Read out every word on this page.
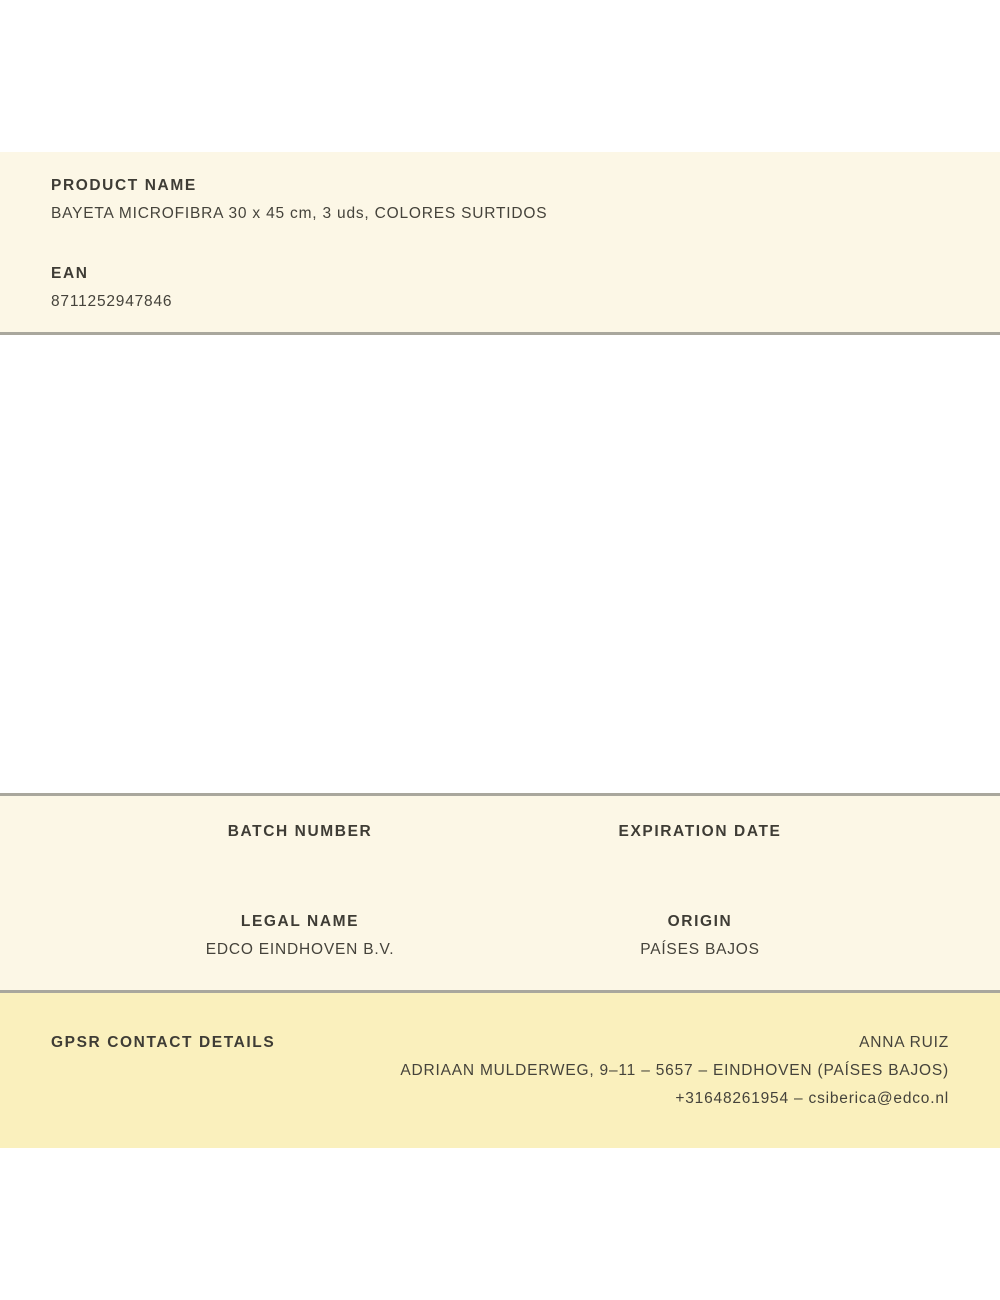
PRODUCT NAME
BAYETA MICROFIBRA 30 x 45 cm, 3 uds, COLORES SURTIDOS
EAN
8711252947846
BATCH NUMBER	EXPIRATION DATE
LEGAL NAME
EDCO EINDHOVEN B.V.
ORIGIN
PAÍSES BAJOS
GPSR CONTACT DETAILS	ANNA RUIZ
ADRIAAN MULDERWEG, 9–11 – 5657 – EINDHOVEN (PAÍSES BAJOS)
+31648261954 – csiberica@edco.nl
